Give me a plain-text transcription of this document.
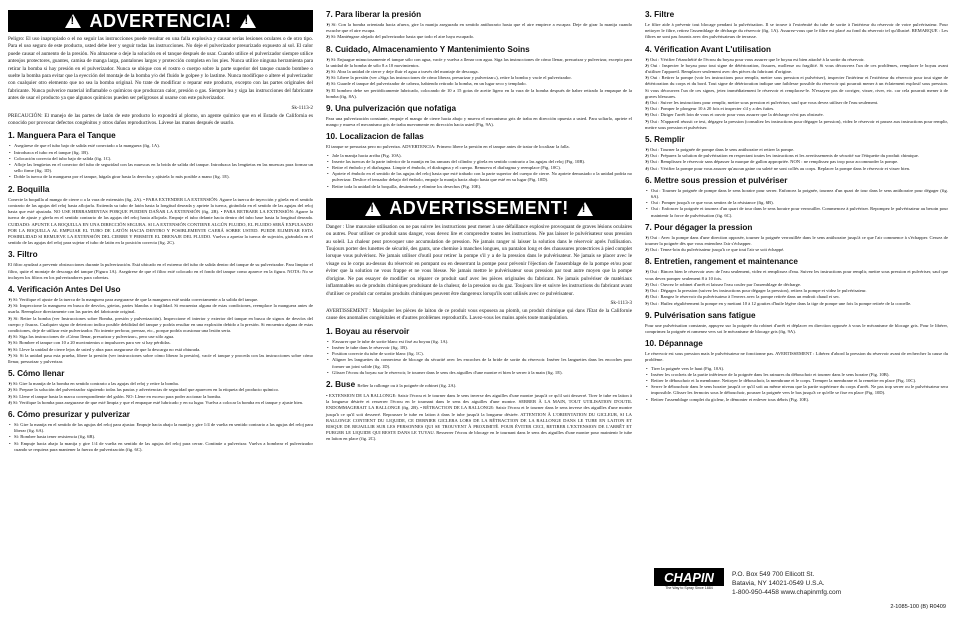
!
ADVERTENCIA!
!

Peligro: El uso inapropiado o el no seguir las instrucciones puede resultar en una falla explosiva y causar serias lesiones oculares o de otro tipo. Para el uso seguro de este producto, usted debe leer y seguir todas las instrucciones. No deje el pulverizador presurizado expuesto al sol. El calor puede causar el aumento de la presión. No almacene o deje la solución en el tanque después de usar. Cuando utilice el pulverizador siempre utilice anteojos protectores, guantes, camisa de manga larga, pantalones largos y protección completa en los pies. Nunca utilice ninguna herramienta para retirar la bomba si hay presión en el pulverizador. Nunca se ubique con el rostro o cuerpo sobre la parte superior del tanque cuando bombee o suelte la bomba para evitar que la eyección del montaje de la bomba y/o del fluido le golpee y lo lastime. Nunca modifique o altere el pulverizador con cualquier otro elemento que no sea la bomba original. No trate de modificar o reparar este producto, excepto con las partes originales del fabricante. Nunca pulverice material inflamable o químicos que produzcan calor, presión o gas. Siempre lea y siga las instrucciones del fabricante antes de usar el producto ya que algunos químicos pueden ser peligrosos al usarse con este pulverizador.

Sk-1113-2

PRECAUCIÓN: El manejo de las partes de latón de este producto lo expondrá al plomo, un agente químico que en el Estado de California es conocido por provocar defectos congénitos y otros daños reproductivos. Lávese las manos después de usarlo.

1. Manguera Para el Tanque
• Asegúrese de que el tubo bajo de salida esté conectado a la manguera (fig. 1A).
• Introduzca el tubo en el tanque (fig. 1B).
• Colocación correcta del tubo bajo de salida (fig. 1C).
• Afloje las lengüetas en el conector del tubo de seguridad con las muescas en la brida de salida del tanque. Introduzca las lengüetas en las muescas para formar un sello firme (fig. 1D).
• Doble la tuerca de la manguera por el tanque, hágala girar hasta la derecha y ajústela lo más posible a mano (fig. 1E).
2. Boquilla

Conecte la boquilla al mango de cierre o a la vara de extensión (fig. 2A). • PARA EXTENDER LA EXTENSIÓN: Agarre la tuerca de inyección y gírela en el sentido contrario de las agujas del reloj hasta aflojarla. Extienda su tubo de latón hasta la longitud deseada y apriete la tuerca, girándola en el sentido de las agujas del reloj hasta que esté ajustada. NO USE HERRAMIENTAS PORQUE PUEDEN DAÑAR LA EXTENSIÓN (fig. 2B). • PARA RETRAER LA EXTENSIÓN: Agarre la tuerca de ajuste y gírela en el sentido contrario de las agujas del reloj hasta aflojarla. Empuje el tubo delante hacia dentro del tubo base hasta la longitud deseada. CUIDADO: APUNTE LA BOQUILLA EN UNA DIRECCIÓN SEGURA. SI LA EXTENSIÓN CONTIENE ALGÚN FLUIDO, EL FLUIDO SERÁ EXPULSADO POR LA BOQUILLA AL EMPUJAR EL TUBO DE LATÓN HACIA DENTRO Y POSIBLEMENTE CAERÁ SOBRE USTED. PUEDE ELIMINAR ESTA POSIBILIDAD SI REMUEVE LA EXTENSIÓN DEL CIERRE Y PERMITE EL DRENAJE DEL FLUIDO. Vuelva a apretar la tuerca de sujeción, girándola en el sentido de las agujas del reloj para sujetar el tubo de latón en la posición correcta (fig. 2C).

3. Filtro

El filtro ayudará a prevenir obstrucciones durante la pulverización. Está ubicado en el extremo del tubo de salida dentro del tanque de su pulverizador. Para limpiar el filtro, quite el montaje de descarga del tanque (Figura 1A). Asegúrese de que el filtro esté colocado en el fondo del tanque como aparece en la figura. NOTA: No se incluyen los filtros en los pulverizadores para cobertas.

4. Verificación Antes Del Uso
• 1) Sí: Verifique el ajuste de la tuerca de la manguera para asegurarse de que la manguera esté unida correctamente a la salida del tanque.
• 2) Sí: Inspeccione la manguera en busca de desvíos, grietas, partes blandas o fragilidad. Si encuentra alguna de estas condiciones, reemplace la manguera antes de usarla. Reemplace directamente con las partes del fabricante original.
• 3) Sí: Retire la bomba (ver Instrucciones sobre Bomba, presión y pulverización). Inspeccione el interior y exterior del tanque en busca de signos de desvíos del cuerpo y fisuras. Cualquier signo de deterioro indica posible debilidad del tanque y podría resultar en una explosión debido a la presión. Si encuentra alguna de estas condiciones, deje de utilizar este pulverizador. No intente perforar, prensar, etc., porque podría ocasionar una lesión seria.
• 4) Sí: Siga las instrucciones de «Cómo llenar, presurizar y pulverizar», pero use sólo agua.
• 5) Sí: Bombee el tanque con 10 a 20 movimientos o impulsores para ver si hay pérdidas.
• 6) Sí: Lleve la unidad de cierre lejos de usted y abra para asegurarse de que la descarga no está obturada.
• 7) Sí: Si la unidad pasa esta prueba, libere la presión (ver instrucciones sobre cómo liberar la presión), vacíe el tanque y proceda con las instrucciones sobre cómo llenar, presurizar y pulverizar.
5. Cómo llenar
• 1) Sí: Gire la manija de la bomba en sentido contrario a las agujas del reloj y retire la bomba.
• 2) Sí: Prepare la solución del pulverizador siguiendo todas las pautas y advertencias de seguridad que aparecen en la etiqueta del producto químico.
• 3) Sí: Llene el tanque hasta la marca correspondiente del galón. NO: Llene en exceso para poder accionar la bomba.
• 4) Sí: Verifique la bomba para asegurarse de que esté limpia y que el empaque esté lubricado y en su lugar. Vuelva a colocar la bomba en el tanque y ajuste bien.
6. Cómo presurizar y pulverizar
• Sí: Gire la manija en el sentido de las agujas del reloj para ajustar. Empuje hacia abajo la manija y gire 1/4 de vuelta en sentido contrario a las agujas del reloj para liberar (fig. 6A).
• Sí: Bombee hasta tener resistencia (fig. 6B).
• Sí: Empuje hacia abajo la manija y gire 1/4 de vuelta en sentido de las agujas del reloj para cerrar. Continúe a pulverizar. Vuelva a bombear el pulverizador cuando se requiera para mantener la fuerza de pulverización (fig. 6C).
7. Para liberar la presión
• 1) Sí: Con la bomba orientada hacia afuera, gire la manija asegurada en sentido antihorario hasta que el aire empiece a escapar. Deje de girar la manija cuando escuche que el aire escapa.
• 2) Sí: Manténgase alejado del pulverizador hasta que todo el aire haya escapado.
8. Cuidado, Almacenamiento Y Mantenimiento Soins
• 1) Sí: Enjuague minuciosamente el tanque sólo con agua, vacíe y vuelva a llenar con agua. Siga las instrucciones de cómo llenar, presurizar y pulverizar, excepto para la unidad de la bomba de sólo 8 a 10 movimientos.
• 2) Sí: Abra la unidad de cierre y deje fluir el agua a través del montaje de descarga.
• 3) Sí: Libere la presión (ver «Siga las instrucciones de cómo liberar, presurizar y pulverizar»), retire la bomba y vacíe el pulverizador.
• 4) Sí: Guarde el tanque del pulverizador de cabeza, habiendo retirado la bomba, en un lugar seco y templado.
• 5) El bombeo debe ser periódicamente lubricado, colocando de 10 a 15 gotas de aceite ligero en la vara de la bomba después de haber retirado la empaque de la bomba (fig. 8A).
9. Una pulverización que nofatiga

Para una pulverización constante, empuje el mango de cierre hacia abajo y mueva el mecanismo gris de traba en dirección opuesta a usted. Para soltarlo, apriete el mango y mueva el mecanismo gris de traba nuevamente en dirección hacia usted (Fig. 9A).

10. Localizacion de fallas

El tanque se presuriza pero no pulveriza. ADVERTENCIA: Primero libere la presión en el tanque antes de tratar de localizar la falla.

• Jale la manija hacia arriba (Fig. 10A).
• Inserte las tuercas de la parte inferior de la manija en las ranuras del cilindro y gírela en sentido contrario a las agujas del reloj (Fig. 10B).
• Retire el émbolo y el diafragma. Limpie el émbolo, el diafragma y el cuerpo. Remueva el diafragma y reemplace (Fig. 10C).
• Apriete el émbolo en el sentido de las agujas del reloj hasta que esté trabado con la parte superior del cuerpo de cierre. No apriete demasiado o la unidad podría no pulverizar. Deslice el tensador debajo del émbolo, empuje la manija hacia abajo hasta que esté en su lugar (Fig. 10D).
• Retire toda la unidad de la boquilla, desármela y elimine los desechos (Fig. 10E).
!
ADVERTISSEMENT!
!

Danger : Une mauvaise utilisation ou ne pas suivre les instructions peut mener à une défaillance explosive provoquant de graves lésions oculaires ou autres. Pour utiliser ce produit sans danger, vous devez lire et comprendre toutes les instructions. Ne pas laisser le pulvérisateur sous pression au soleil. La chaleur peut provoquer une accumulation de pression. Ne jamais ranger ni laisser la solution dans le réservoir après l'utilisation. Toujours porter des lunettes de sécurité, des gants, une chemise à manches longues, un pantalon long et des chaussures protectrices à pied complet lorsque vous pulvérisez. Ne jamais utiliser d'outil pour retirer la pompe s'il y a de la pression dans le pulvérisateur. Ne jamais se placer avec le visage ou le corps au-dessus du réservoir en pompant ou en desserrant la pompe pour prévenir l'éjection de l'assemblage de la pompe et/ou pour éviter que la solution ne vous frappe et ne vous blesse. Ne jamais mettre le pulvérisateur sous pression par tout autre moyen que la pompe d'origine. Ne pas essayer de modifier ou réparer ce produit sauf avec les pièces originales du fabricant. Ne jamais pulvériser de matériaux inflammables ou de produits chimiques produisant de la chaleur, de la pression ou du gaz. Toujours lire et suivre les instructions du fabricant avant d'utiliser ce produit car certains produits chimiques peuvent être dangereux lorsqu'ils sont utilisés avec ce pulvérisateur.

Sk-1113-3

AVERTISSEMENT : Manipuler les pièces de laiton de ce produit vous exposera au plomb, un produit chimique qui dans l'Etat de la Californie cause des anomalies congénitales et d'autres problèmes reproductifs. Lavez-vous les mains après toute manipulation.

1. Boyau au réservoir
• S'assurer que le tube de sortie blanc est fixé au boyau (fig. 1A).
• Insérer le tube dans le réservoir (fig. 1B).
• Position correcte du tube de sortie blanc (fig. 1C).
• Aligner les languettes du connecteur de blocage du sécurité avec les encoches de la bride de sortie du réservoir. Insérer les languettes dans les encoches pour former un joint solide (fig. 1D).
• Glisser l'écrou du boyau sur le réservoir, le tourner dans le sens des aiguilles d'une montre et bien le serrer à la main (fig. 1E).
2. Buse Relier la rallonge ou à la poignée de robinet (fig. 2A).

• EXTENSION DE LA RALLONGE: Saisir l'écrou et le tourner dans le sens inverse des aiguilles d'une montre jusqu'à ce qu'il soit desserré. Tirer le tube en laiton à la longueur désirée et resserrer l'écrou en le tournant dans le sens des aiguilles d'une montre. SERRER À LA MAIN, TOUT UTILISATION D'OUTIL ENDOMMAGERAIT LA RALLONGE (fig. 2B). • RÉTRACTION DE LA RALLONGE: Saisir l'écrou et le tourner dans le sens inverse des aiguilles d'une montre jusqu'à ce qu'il soit desserré. Repousser le tube en laiton à dans le tube jusqu'à la longueur désirée. ATTENTION À L'ORIENTATION DU GICLEUR, SI LA RALLONGE CONTIENT DU LIQUIDE, CE DERNIER GICLERA LORS DE LA RÉTRACTION DE LA RALLONGE DANS LE TUBE EN LAITON ET RISQUE DE REJAILLIR SUR LES PERSONNES QUI SE TROUVENT À PROXIMITÉ. POUR ÉVITER CECI, RETIRER L'EXTENSION DE L'ARRÊT ET PURGER LE LIQUIDE QUI RESTE DANS LE TUYAU. Resserrer l'écrou de blocage en le tournant dans le sens des aiguilles d'une montre pour maintenir le tube en laiton en place (fig. 2C).

3. Filtre

Le filtre aide à prévenir tout blocage pendant la pulvérisation. Il se trouve à l'extrémité du tube de sortie à l'intérieur du réservoir de votre pulvérisateur. Pour nettoyer le filtre, retirez l'assemblage de décharge du réservoir (fig. 1A). Assurez-vous que le filtre est placé au fond du réservoir tel qu'illustré. REMARQUE : Les filtres ne sont pas fournis avec des pulvérisateurs de terrasse.

4. Vérification Avant L'utilisation
• 1) Oui : Vérifier l'étanchéité de l'écrou du boyau pour vous assurer que le boyau est bien attaché à la sortie du réservoir.
• 2) Oui : Inspecter le boyau pour tout signe de détérioration, fissures, mollesse ou fragilité. Si vous découvrez l'un de ces problèmes, remplacer le boyau avant d'utiliser l'appareil. Remplacer seulement avec des pièces du fabricant d'origine.
• 3) Oui : Retirer la pompe (voir les instructions pour remplir, mettre sous pression et pulvériser), inspecter l'intérieur et l'extérieur du réservoir pour tout signe de détérioration du corps et du bord. Tout signe de détérioration indique une faiblesse possible du réservoir qui pourrait mener à un éclatement explosif sous pression. Si vous découvrez l'un de ces signes, jetez immédiatement le réservoir et remplacez-le. N'essayez pas de corriger, visser, river, etc. car cela pourrait mener à de graves blessures.
• 4) Oui : Suivre les instructions pour remplir, mettre sous pression et pulvériser, sauf que vous devez utiliser de l'eau seulement.
• 5) Oui : Pomper le plongeur 10 à 20 fois et inspecter s'il y a des fuites.
• 6) Oui : Diriger l'arrêt loin de vous et ouvrir pour vous assurer que la décharge n'est pas obstruée.
• 7) Oui : N'appareil réussit ce test, dégagez la pression (consultez les instructions pour dégager la pression), videz le réservoir et passez aux instructions pour remplir, mettre sous pression et pulvériser.
5. Remplir
• 1) Oui : Tourner la poignée de pompe dans le sens antihoraire et retirer la pompe.
• 2) Oui : Préparez la solution de pulvérisation en respectant toutes les instructions et les avertissements de sécurité sur l'étiquette du produit chimique.
• 3) Oui : Remplissez le réservoir sans dépasser la marque de gallon appropriée. NON : ne remplissez pas trop pour accommoder la pompe.
• 4) Oui : Vérifier la pompe pour vous assurer qu'aucun gaine ou saleté ne sont collés au corps. Replacer la pompe dans le réservoir et visser bien.
6. Mettre sous pression et pulvériser
• Oui : Tourner la poignée de pompe dans le sens horaire pour serrer. Enfoncez la poignée, tournez d'un quart de tour dans le sens antihoraire pour dégager (fig. 6A).
• Oui : Pomper jusqu'à ce que vous sentiez de la résistance (fig. 6B).
• Oui : Enfoncer la poignée et tournez d'un quart de tour dans le sens horaire pour verrouiller. Commencez à pulvériser. Repompez le pulvérisateur au besoin pour maintenir la force de pulvérisation (fig. 6C).
7. Pour dégager la pression
• 1) Oui : Avec la pompe dans d'une direction opposée, tourner la poignée verrouillée dans le sens antihoraire jusqu'à ce que l'air commence à s'échapper. Cessez de tourner la poignée dès que vous entendrez l'air s'échapper.
• 2) Oui : Tenez-loin du pulvérisateur jusqu'à ce que tout l'air se soit échappé.
8. Entretien, rangement et maintenance
• 1) Oui : Rincez bien le réservoir avec de l'eau seulement, videz et remplissez d'eau. Suivez les instructions pour remplir, mettre sous pression et pulvériser, sauf que vous devez pomper seulement 8 à 10 fois.
• 2) Oui : Ouvrez le robinet d'arrêt et laissez l'eau couler par l'assemblage de décharge.
• 3) Oui : Dégagez la pression (suivez les instructions pour dégager la pression), retirez la pompe et videz le pulvérisateur.
• 4) Oui : Rangez le réservoir du pulvérisateur à l'envers avec la pompe retirée dans un endroit chaud et sec.
• 5) Oui : Huilez régulièrement la pompe en y mettant 10 à 12 gouttes d'huile légère dans la tige de pompe une fois la pompe retirée de la coroelle.
9. Pulvérisation sans fatigue

Pour une pulvérisation constante, appuyez sur la poignée du robinet d'arrêt et déplacer en direction opposée à vous le mécanisme de blocage gris. Pour le libérer, comprimez la poignée et ramenez vers soi le mécanisme de blocage gris (fig. 9A).

10. Dépannage

Le réservoir est sous pression mais le pulvérisateur ne fonctionne pas. AVERTISSEMENT : Libérez d'abord la pression du réservoir avant de rechercher la cause du problème.

• Tirer la poignée vers le haut (Fig. 10A).
• Insérer les crochets de la partie inférieure de la poignée dans les rainures du débouchoir et tourner dans le sens horaire (Fig. 10B).
• Retirer le débouchoir et la membrane. Nettoyer le débouchoir, la membrane et le corps. Tremper la membrane et la remettre en place (Fig. 10C).
• Serrer le débouchoir dans le sens horaire jusqu'à ce qu'il soit au même niveau que la partie supérieure du corps d'arrêt. Ne pas trop serrer ou le pulvérisateur sera impossible. Glisser les fermoirs sous le débouchoir, pousser la poignée vers le bas jusqu'à ce qu'elle se fixe en place (Fig. 10D).
• Retirer l'assemblage complet du gicleur, le démonter et enlever tous débris (Fig. 10E).
CHAPIN
The Way to Spray Since 1884
P.O. Box 549 700 Ellicott St.
Batavia, NY 14021-0549 U.S.A.
1-800-950-4458 www.chapinmfg.com
2-1085-100 (B) R0409
